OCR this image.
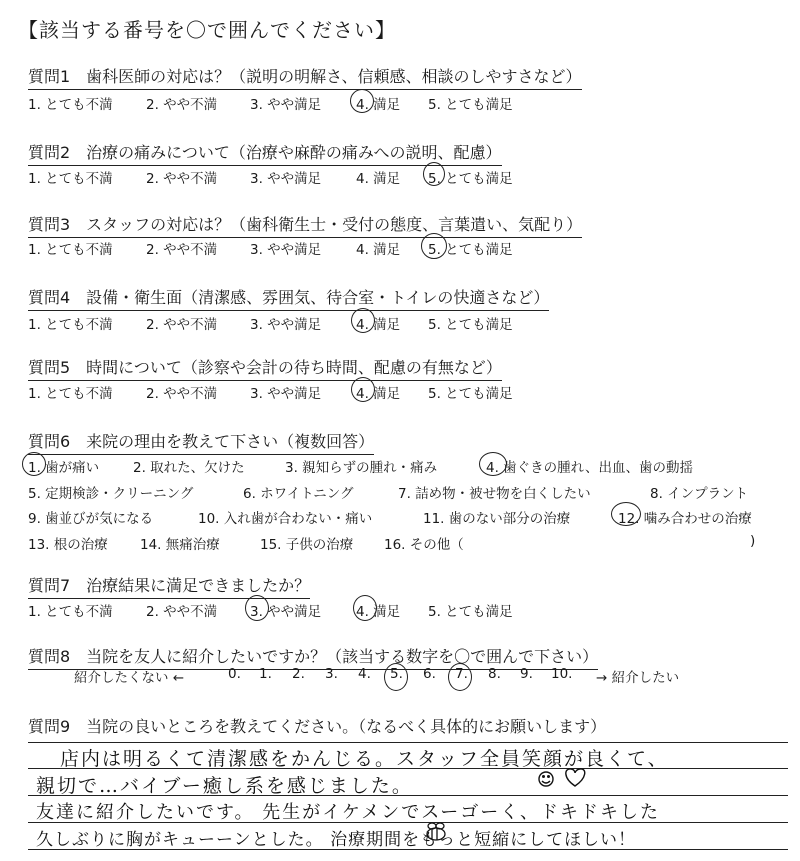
【該当する番号を〇で囲んでください】
質問1　歯科医師の対応は？（説明の明解さ、信頼感、相談のしやすさなど）
1. とても不満 2. やや不満 3. やや満足	4. 満足 5. とても満足
質問2　治療の痛みについて（治療や麻酔の痛みへの説明、配慮）
1. とても不満 2. やや不満 3. やや満足	4. 満足 5. とても満足
質問3　スタッフの対応は？（歯科衛生士・受付の態度、言葉遣い、気配り）
1. とても不満 2. やや不満 3. やや満足	4. 満足 5. とても満足
質問4　設備・衛生面（清潔感、雰囲気、待合室・トイレの快適さなど）
1. とても不満 2. やや不満 3. やや満足	4. 満足 5. とても満足
質問5　時間について（診察や会計の待ち時間、配慮の有無など）
1. とても不満 2. やや不満 3. やや満足	4. 満足 5. とても満足
質問6　来院の理由を教えて下さい（複数回答）
1. 歯が痛い	2. 取れた、欠けた	3. 親知らずの腫れ・痛み	4. 歯ぐきの腫れ、出血、歯の動揺
5. 定期検診・クリーニング	6. ホワイトニング	7. 詰め物・被せ物を白くしたい	8. インプラント
9. 歯並びが気になる	10. 入れ歯が合わない・痛い	11. 歯のない部分の治療	12. 噛み合わせの治療
13. 根の治療 14. 無痛治療	15. 子供の治療 16. その他（	)
質問7　治療結果に満足できましたか？
1. とても不満 2. やや不満 3. やや満足	4. 満足 5. とても満足
質問8　当院を友人に紹介したいですか？（該当する数字を〇で囲んで下さい）
紹介したくない ←	0. 1. 2. 3. 4. 5. 6. 7. 8. 9. 10. → 紹介したい
質問9　当院の良いところを教えてください。（なるべく具体的にお願いします）
店内は明るくて清潔感をかんじる。スタッフ全員笑顔が良くて、
親切で…バイブー癒し系を感じました。
友達に紹介したいです。 先生がイケメンでスーゴーく、ドキドキした
久しぶりに胸がキューーンとした。 治療期間をもっと短縮にしてほしい！
